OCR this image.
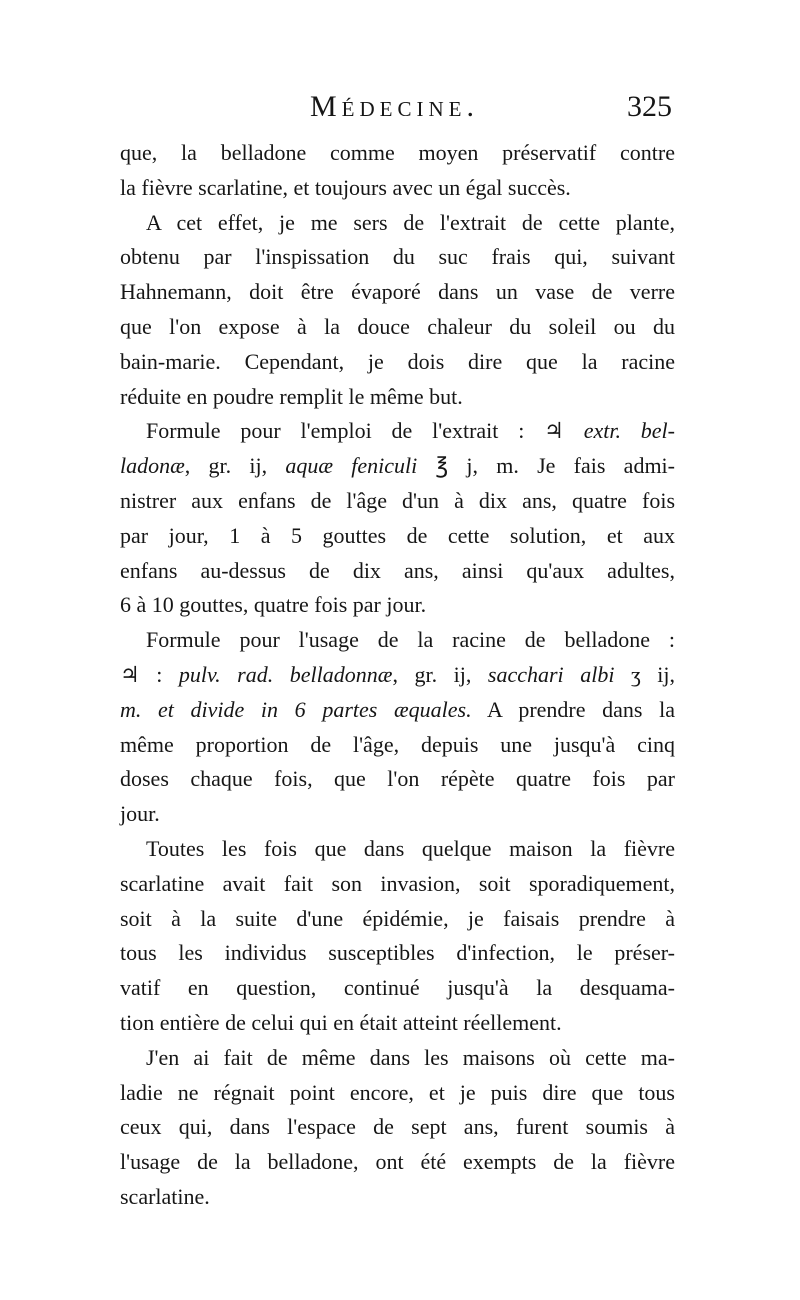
Médecine.	325
que, la belladone comme moyen préservatif contre
la fièvre scarlatine, et toujours avec un égal succès.
A cet effet, je me sers de l'extrait de cette plante,
obtenu par l'inspissation du suc frais qui, suivant
Hahnemann, doit être évaporé dans un vase de verre
que l'on expose à la douce chaleur du soleil ou du
bain-marie. Cependant, je dois dire que la racine
réduite en poudre remplit le même but.
Formule pour l'emploi de l'extrait : ♃ extr. bel-
ladonæ, gr. ij, aquæ feniculi ℥ j, m. Je fais admi-
nistrer aux enfans de l'âge d'un à dix ans, quatre fois
par jour, 1 à 5 gouttes de cette solution, et aux
enfans au-dessus de dix ans, ainsi qu'aux adultes,
6 à 10 gouttes, quatre fois par jour.
Formule pour l'usage de la racine de belladone :
♃ : pulv. rad. belladonnæ, gr. ij, sacchari albi ʒ ij,
m. et divide in 6 partes æquales. A prendre dans la
même proportion de l'âge, depuis une jusqu'à cinq
doses chaque fois, que l'on répète quatre fois par
jour.
Toutes les fois que dans quelque maison la fièvre
scarlatine avait fait son invasion, soit sporadiquement,
soit à la suite d'une épidémie, je faisais prendre à
tous les individus susceptibles d'infection, le préser-
vatif en question, continué jusqu'à la desquama-
tion entière de celui qui en était atteint réellement.
J'en ai fait de même dans les maisons où cette ma-
ladie ne régnait point encore, et je puis dire que tous
ceux qui, dans l'espace de sept ans, furent soumis à
l'usage de la belladone, ont été exempts de la fièvre
scarlatine.
